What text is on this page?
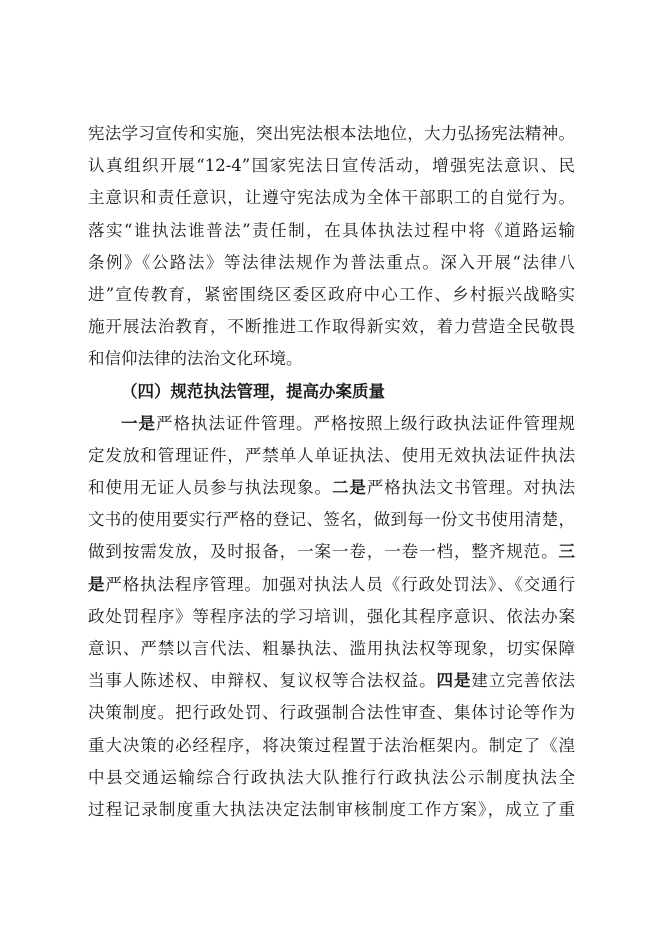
宪法学习宣传和实施，突出宪法根本法地位，大力弘扬宪法精神。
认真组织开展“12-4”国家宪法日宣传活动，增强宪法意识、民
主意识和责任意识，让遵守宪法成为全体干部职工的自觉行为。
落实“谁执法谁普法”责任制，在具体执法过程中将《道路运输
条例》《公路法》等法律法规作为普法重点。深入开展“法律八
进”宣传教育，紧密围绕区委区政府中心工作、乡村振兴战略实
施开展法治教育，不断推进工作取得新实效，着力营造全民敬畏
和信仰法律的法治文化环境。
（四）规范执法管理，提高办案质量
一是严格执法证件管理。严格按照上级行政执法证件管理规
定发放和管理证件，严禁单人单证执法、使用无效执法证件执法
和使用无证人员参与执法现象。二是严格执法文书管理。对执法
文书的使用要实行严格的登记、签名，做到每一份文书使用清楚，
做到按需发放，及时报备，一案一卷，一卷一档，整齐规范。三
是严格执法程序管理。加强对执法人员《行政处罚法》、《交通行
政处罚程序》等程序法的学习培训，强化其程序意识、依法办案
意识、严禁以言代法、粗暴执法、滥用执法权等现象，切实保障
当事人陈述权、申辩权、复议权等合法权益。四是建立完善依法
决策制度。把行政处罚、行政强制合法性审查、集体讨论等作为
重大决策的必经程序，将决策过程置于法治框架内。制定了《湟
中县交通运输综合行政执法大队推行行政执法公示制度执法全
过程记录制度重大执法决定法制审核制度工作方案》，成立了重
